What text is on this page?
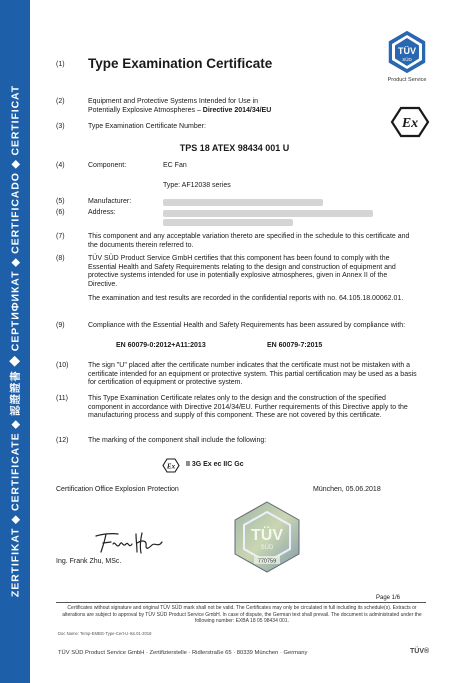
ZERTIFIKAT ◆ CERTIFICATE ◆ 認證證書 ◆ СЕРТИФИКАТ ◆ CERTIFICADO ◆ CERTIFICAT
(1) Type Examination Certificate
TÜV
SÜD
Product Service
Ex
(2)	Equipment and Protective Systems Intended for Use in Potentially Explosive Atmospheres – Directive 2014/34/EU
(3)	Type Examination Certificate Number:
TPS 18 ATEX 98434 001 U
(4)	Component:	EC Fan
Type: AF12038 series
(5)	Manufacturer:
(6)	Address:
(7)	This component and any acceptable variation thereto are specified in the schedule to this certificate and the documents therein referred to.
(8)	TÜV SÜD Product Service GmbH certifies that this component has been found to comply with the Essential Health and Safety Requirements relating to the design and construction of equipment and protective systems intended for use in potentially explosive atmospheres, given in Annex II of the Directive.
The examination and test results are recorded in the confidential reports with no. 64.105.18.00062.01.
(9)	Compliance with the Essential Health and Safety Requirements has been assured by compliance with:
EN 60079-0:2012+A11:2013	EN 60079-7:2015
(10)	The sign "U" placed after the certificate number indicates that the certificate must not be mistaken with a certificate intended for an equipment or protective system. This partial certification may be used as a basis for certification of equipment or protective system.
(11)	This Type Examination Certificate relates only to the design and the construction of the specified component in accordance with Directive 2014/34/EU. Further requirements of this Directive apply to the manufacturing process and supply of this component. These are not covered by this certificate.
(12)	The marking of the component shall include the following:
Ex II 3G Ex ec IIC Gc
Certification Office Explosion Protection	München, 05.06.2018
Ing. Frank Zhu, MSc.
TÜV
SÜD
770759
Page 1/6
Certificates without signature and original TÜV SÜD mark shall not be valid. The Certificates may only be circulated in full including its schedule(s). Extracts or alterations are subject to approval by TÜV SÜD Product Service GmbH. In case of dispute, the German text shall prevail. The document is administrated under the following number: EXBA 18 05 98434 001.
Doc Name: Temp-EMBG-Type-Cert-U-Iss.01-2018
TÜV SÜD Product Service GmbH · Zertifizierstelle · Ridlerstraße 65 · 80339 München · Germany	TÜV®
